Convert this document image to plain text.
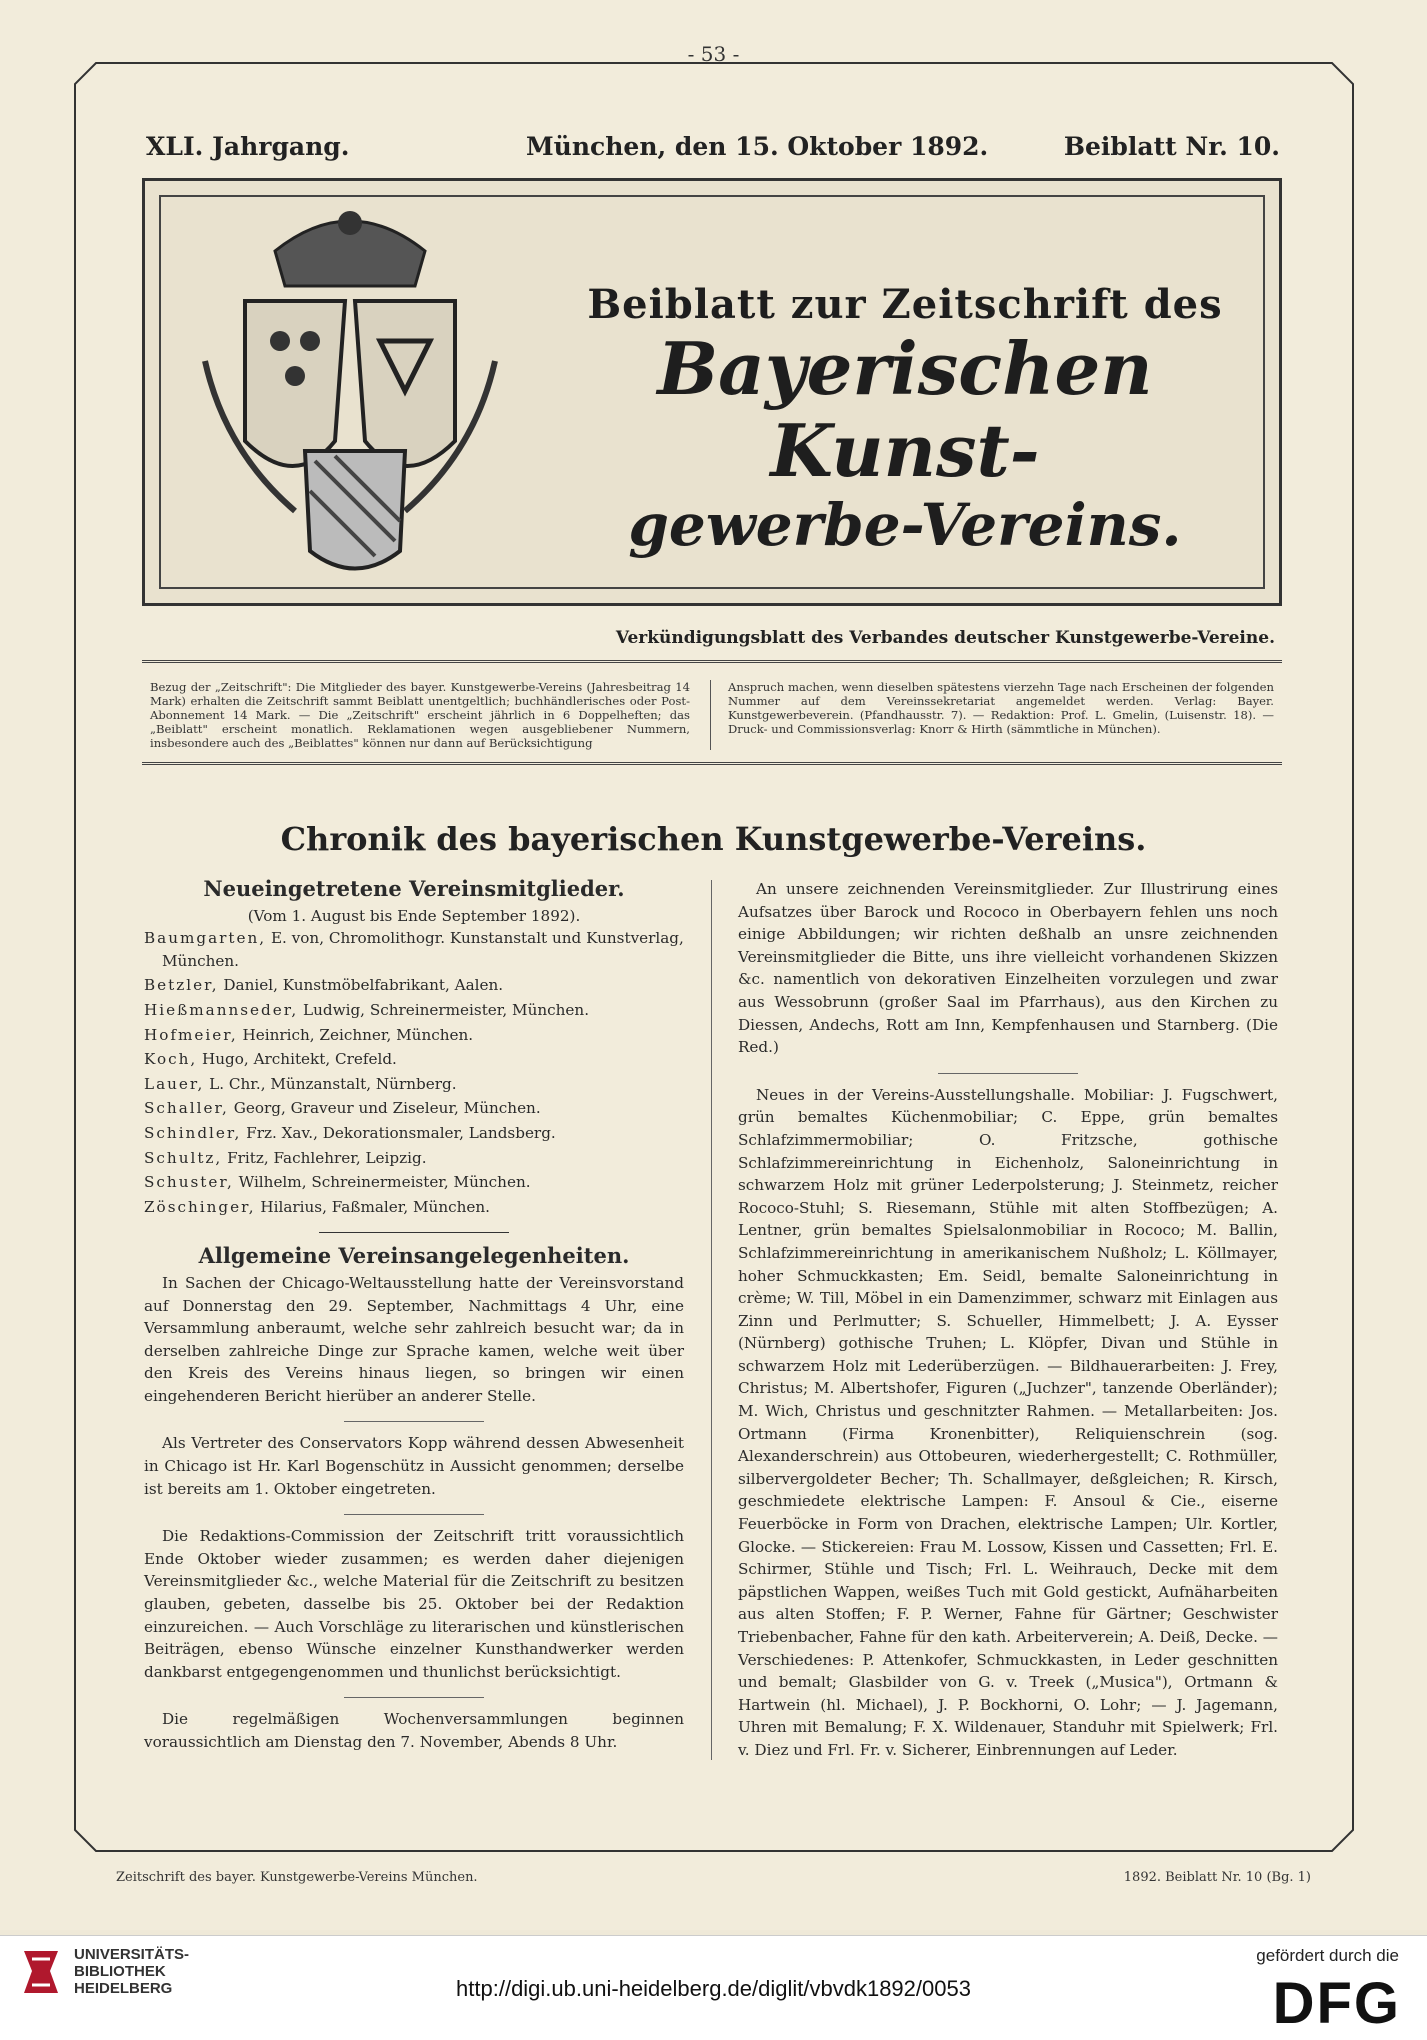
- 53 -
XLI. Jahrgang.	München, den 15. Oktober 1892.	Beiblatt Nr. 10.
Beiblatt zur Zeitschrift des
Bayerischen Kunst-
gewerbe-Vereins.
Verkündigungsblatt des Verbandes deutscher Kunstgewerbe-Vereine.
Bezug der „Zeitschrift": Die Mitglieder des bayer. Kunstgewerbe-Vereins (Jahresbeitrag 14 Mark) erhalten die Zeitschrift sammt Beiblatt unentgeltlich; buchhändlerisches oder Post-Abonnement 14 Mark. — Die „Zeitschrift" erscheint jährlich in 6 Doppelheften; das „Beiblatt" erscheint monatlich. Reklamationen wegen ausgebliebener Nummern, insbesondere auch des „Beiblattes" können nur dann auf Berücksichtigung
Anspruch machen, wenn dieselben spätestens vierzehn Tage nach Erscheinen der folgenden Nummer auf dem Vereinssekretariat angemeldet werden. Verlag: Bayer. Kunstgewerbeverein. (Pfandhausstr. 7). — Redaktion: Prof. L. Gmelin, (Luisenstr. 18). — Druck- und Commissionsverlag: Knorr & Hirth (sämmtliche in München).
Chronik des bayerischen Kunstgewerbe-Vereins.
Neueingetretene Vereinsmitglieder.
(Vom 1. August bis Ende September 1892).
Baumgarten, E. von, Chromolithogr. Kunstanstalt und Kunstverlag, München.
Betzler, Daniel, Kunstmöbelfabrikant, Aalen.
Hießmannseder, Ludwig, Schreinermeister, München.
Hofmeier, Heinrich, Zeichner, München.
Koch, Hugo, Architekt, Crefeld.
Lauer, L. Chr., Münzanstalt, Nürnberg.
Schaller, Georg, Graveur und Ziseleur, München.
Schindler, Frz. Xav., Dekorationsmaler, Landsberg.
Schultz, Fritz, Fachlehrer, Leipzig.
Schuster, Wilhelm, Schreinermeister, München.
Zöschinger, Hilarius, Faßmaler, München.
Allgemeine Vereinsangelegenheiten.

In Sachen der Chicago-Weltausstellung hatte der Vereinsvorstand auf Donnerstag den 29. September, Nachmittags 4 Uhr, eine Versammlung anberaumt, welche sehr zahlreich besucht war; da in derselben zahlreiche Dinge zur Sprache kamen, welche weit über den Kreis des Vereins hinaus liegen, so bringen wir einen eingehenderen Bericht hierüber an anderer Stelle.

Als Vertreter des Conservators Kopp während dessen Abwesenheit in Chicago ist Hr. Karl Bogenschütz in Aussicht genommen; derselbe ist bereits am 1. Oktober eingetreten.

Die Redaktions-Commission der Zeitschrift tritt voraussichtlich Ende Oktober wieder zusammen; es werden daher diejenigen Vereinsmitglieder &c., welche Material für die Zeitschrift zu besitzen glauben, gebeten, dasselbe bis 25. Oktober bei der Redaktion einzureichen. — Auch Vorschläge zu literarischen und künstlerischen Beiträgen, ebenso Wünsche einzelner Kunsthandwerker werden dankbarst entgegengenommen und thunlichst berücksichtigt.

Die regelmäßigen Wochenversammlungen beginnen voraussichtlich am Dienstag den 7. November, Abends 8 Uhr.

An unsere zeichnenden Vereinsmitglieder. Zur Illustrirung eines Aufsatzes über Barock und Rococo in Oberbayern fehlen uns noch einige Abbildungen; wir richten deßhalb an unsre zeichnenden Vereinsmitglieder die Bitte, uns ihre vielleicht vorhandenen Skizzen &c. namentlich von dekorativen Einzelheiten vorzulegen und zwar aus Wessobrunn (großer Saal im Pfarrhaus), aus den Kirchen zu Diessen, Andechs, Rott am Inn, Kempfenhausen und Starnberg. (Die Red.)

Neues in der Vereins-Ausstellungshalle. Mobiliar: J. Fugschwert, grün bemaltes Küchenmobiliar; C. Eppe, grün bemaltes Schlafzimmermobiliar; O. Fritzsche, gothische Schlafzimmereinrichtung in Eichenholz, Saloneinrichtung in schwarzem Holz mit grüner Lederpolsterung; J. Steinmetz, reicher Rococo-Stuhl; S. Riesemann, Stühle mit alten Stoffbezügen; A. Lentner, grün bemaltes Spielsalonmobiliar in Rococo; M. Ballin, Schlafzimmereinrichtung in amerikanischem Nußholz; L. Köllmayer, hoher Schmuckkasten; Em. Seidl, bemalte Saloneinrichtung in crème; W. Till, Möbel in ein Damenzimmer, schwarz mit Einlagen aus Zinn und Perlmutter; S. Schueller, Himmelbett; J. A. Eysser (Nürnberg) gothische Truhen; L. Klöpfer, Divan und Stühle in schwarzem Holz mit Lederüberzügen. — Bildhauerarbeiten: J. Frey, Christus; M. Albertshofer, Figuren („Juchzer", tanzende Oberländer); M. Wich, Christus und geschnitzter Rahmen. — Metallarbeiten: Jos. Ortmann (Firma Kronenbitter), Reliquienschrein (sog. Alexanderschrein) aus Ottobeuren, wiederhergestellt; C. Rothmüller, silbervergoldeter Becher; Th. Schallmayer, deßgleichen; R. Kirsch, geschmiedete elektrische Lampen: F. Ansoul & Cie., eiserne Feuerböcke in Form von Drachen, elektrische Lampen; Ulr. Kortler, Glocke. — Stickereien: Frau M. Lossow, Kissen und Cassetten; Frl. E. Schirmer, Stühle und Tisch; Frl. L. Weihrauch, Decke mit dem päpstlichen Wappen, weißes Tuch mit Gold gestickt, Aufnäharbeiten aus alten Stoffen; F. P. Werner, Fahne für Gärtner; Geschwister Triebenbacher, Fahne für den kath. Arbeiterverein; A. Deiß, Decke. — Verschiedenes: P. Attenkofer, Schmuckkasten, in Leder geschnitten und bemalt; Glasbilder von G. v. Treek („Musica"), Ortmann & Hartwein (hl. Michael), J. P. Bockhorni, O. Lohr; — J. Jagemann, Uhren mit Bemalung; F. X. Wildenauer, Standuhr mit Spielwerk; Frl. v. Diez und Frl. Fr. v. Sicherer, Einbrennungen auf Leder.

Zeitschrift des bayer. Kunstgewerbe-Vereins München.	1892. Beiblatt Nr. 10 (Bg. 1)
UNIVERSITÄTS-
BIBLIOTHEK
HEIDELBERG	http://digi.ub.uni-heidelberg.de/diglit/vbvdk1892/0053
gefördert durch die
DFG
